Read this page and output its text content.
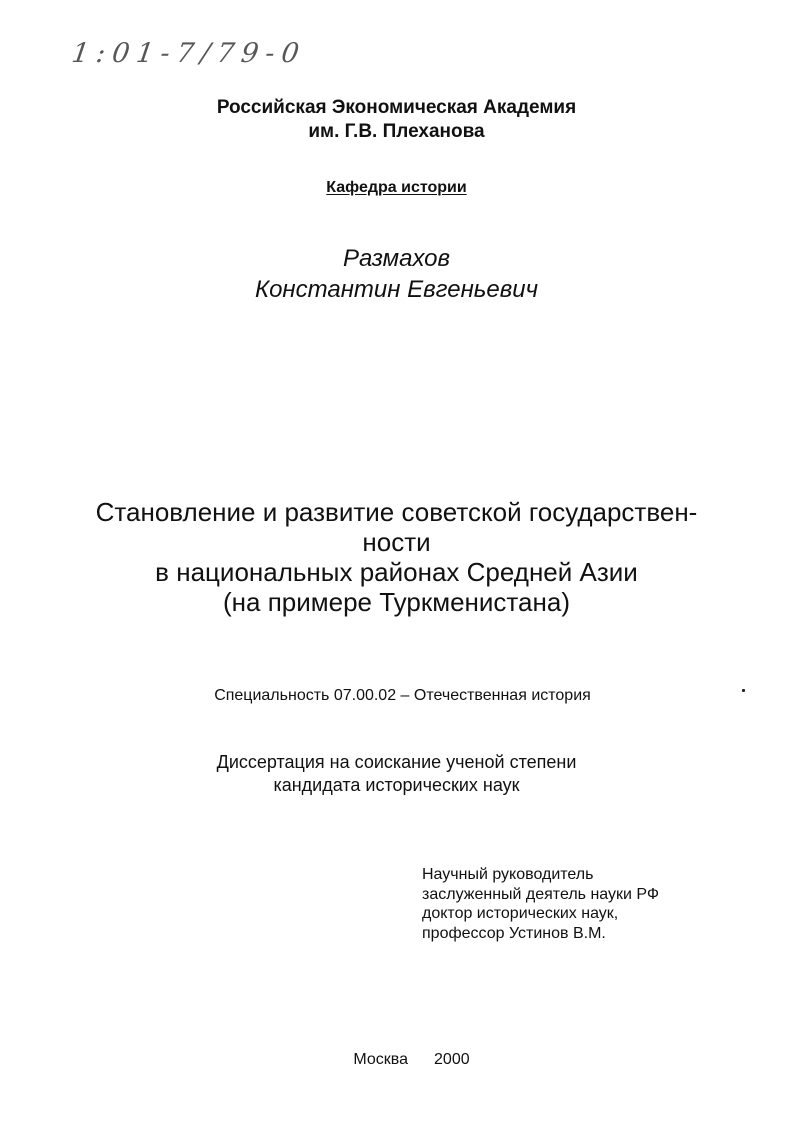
1:01-7/79-0
Российская Экономическая Академия
им. Г.В. Плеханова
Кафедра истории
Размахов
Константин Евгеньевич
Становление и развитие советской государствен-
ности
в национальных районах Средней Азии
(на примере Туркменистана)
Специальность 07.00.02 – Отечественная история
Диссертация на соискание ученой степени
кандидата исторических наук
Научный руководитель
заслуженный деятель науки РФ
доктор исторических наук,
профессор Устинов В.М.
Москва 2000
